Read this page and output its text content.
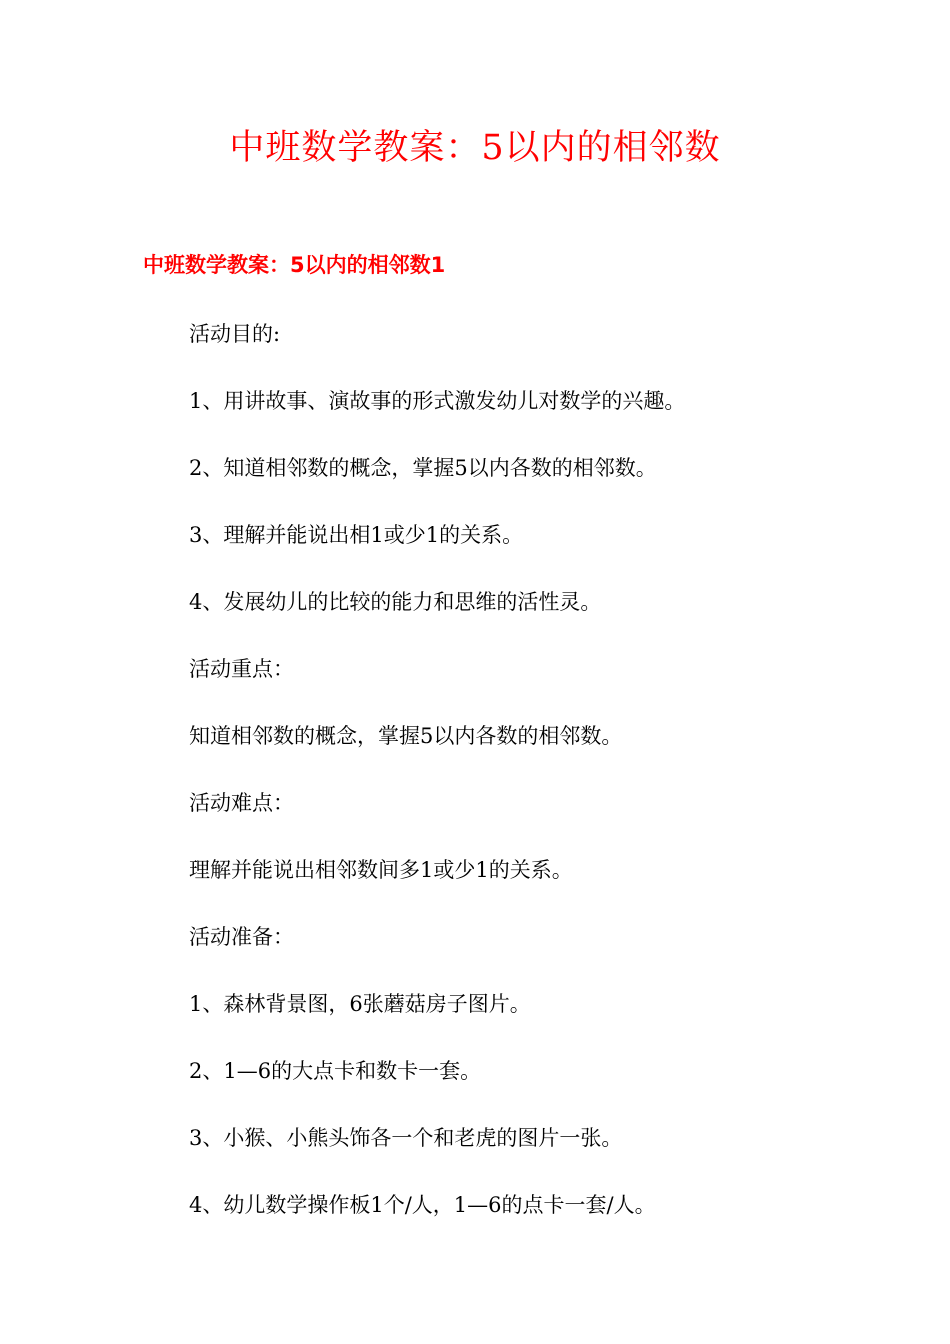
中班数学教案：5以内的相邻数
中班数学教案：5以内的相邻数1
活动目的:
1、用讲故事、演故事的形式激发幼儿对数学的兴趣。
2、知道相邻数的概念，掌握5以内各数的相邻数。
3、理解并能说出相1或少1的关系。
4、发展幼儿的比较的能力和思维的活性灵。
活动重点：
知道相邻数的概念，掌握5以内各数的相邻数。
活动难点：
理解并能说出相邻数间多1或少1的关系。
活动准备：
1、森林背景图，6张蘑菇房子图片。
2、1—6的大点卡和数卡一套。
3、小猴、小熊头饰各一个和老虎的图片一张。
4、幼儿数学操作板1个/人，1—6的点卡一套/人。
